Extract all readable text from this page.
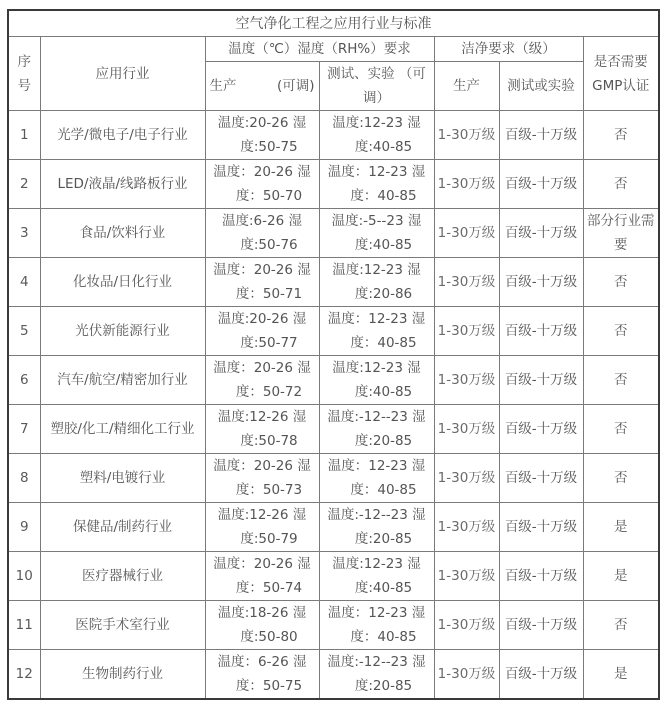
空气净化工程之应用行业与标准						
序号	应用行业	温度（℃）湿度（RH%）要求		洁净要求（级）		是否需要
GMP认证

		生产 (可调)	测试、实验 （可调）	生产	测试或实验	
1	光学/微电子/电子行业	温度:20-26 湿
度:50-75	温度:12-23 湿
度:40-85	1-30万级	百级-十万级	否
2	LED/液晶/线路板行业	温度：20-26 湿
度：50-70	温度：12-23 湿
度：40-85	1-30万级	百级-十万级	否
3	食品/饮料行业	温度:6-26 湿
度:50-76	温度:-5--23 湿
度:40-85	1-30万级	百级-十万级	部分行业需要
4	化妆品/日化行业	温度：20-26 湿
度：50-71	温度:12-23 湿
度:20-86	1-30万级	百级-十万级	否
5	光伏新能源行业	温度:20-26 湿
度:50-77	温度：12-23 湿
度：40-85	1-30万级	百级-十万级	否
6	汽车/航空/精密加行业	温度：20-26 湿
度：50-72	温度:12-23 湿
度:40-85	1-30万级	百级-十万级	否
7	塑胶/化工/精细化工行业	温度:12-26 湿
度:50-78	温度:-12--23 湿
度:20-85	1-30万级	百级-十万级	否
8	塑料/电镀行业	温度：20-26 湿
度：50-73	温度：12-23 湿
度：40-85	1-30万级	百级-十万级	否
9	保健品/制药行业	温度:12-26 湿
度:50-79	温度:-12--23 湿
度:20-85	1-30万级	百级-十万级	是
10	医疗器械行业	温度：20-26 湿
度：50-74	温度:12-23 湿
度:40-85	1-30万级	百级-十万级	是
11	医院手术室行业	温度:18-26 湿
度:50-80	温度：12-23 湿
度：40-85	1-30万级	百级-十万级	否
12	生物制药行业	温度：6-26 湿
度：50-75	温度:-12--23 湿
度:20-85	1-30万级	百级-十万级	是
